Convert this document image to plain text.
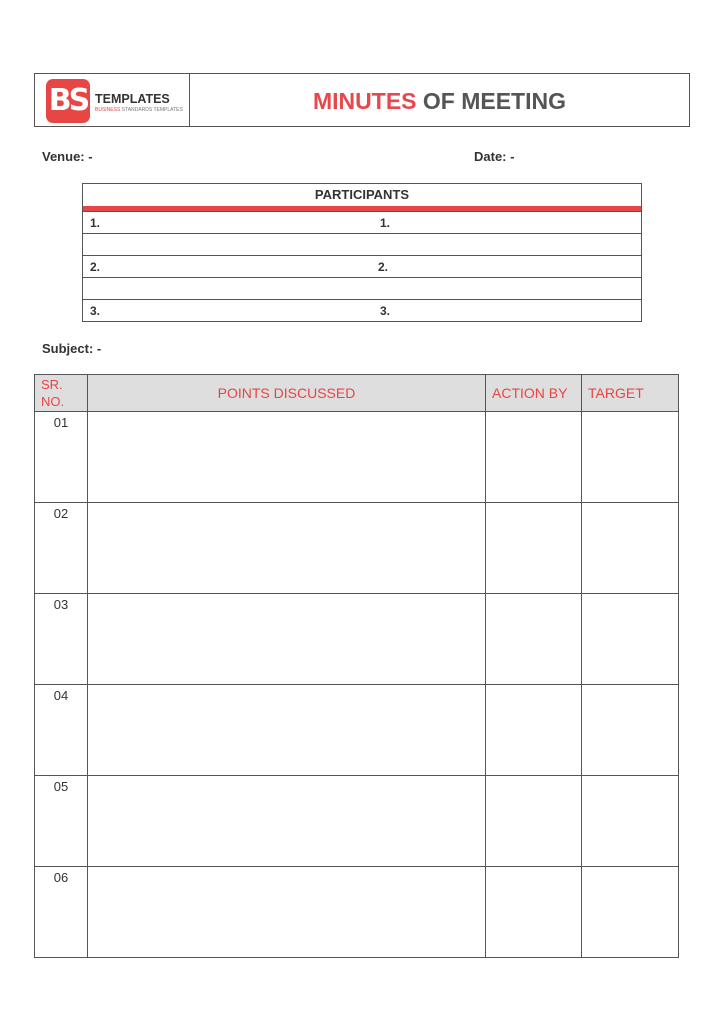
BS TEMPLATES
BUSINESS STANDARDS TEMPLATES	MINUTES OF MEETING
Venue: -	Date: -
PARTICIPANTS
1.	1.
2.	2.
3.	3.
Subject: -
SR.
NO.	POINTS DISCUSSED	ACTION BY	TARGET
01			
02			
03			
04			
05			
06			
